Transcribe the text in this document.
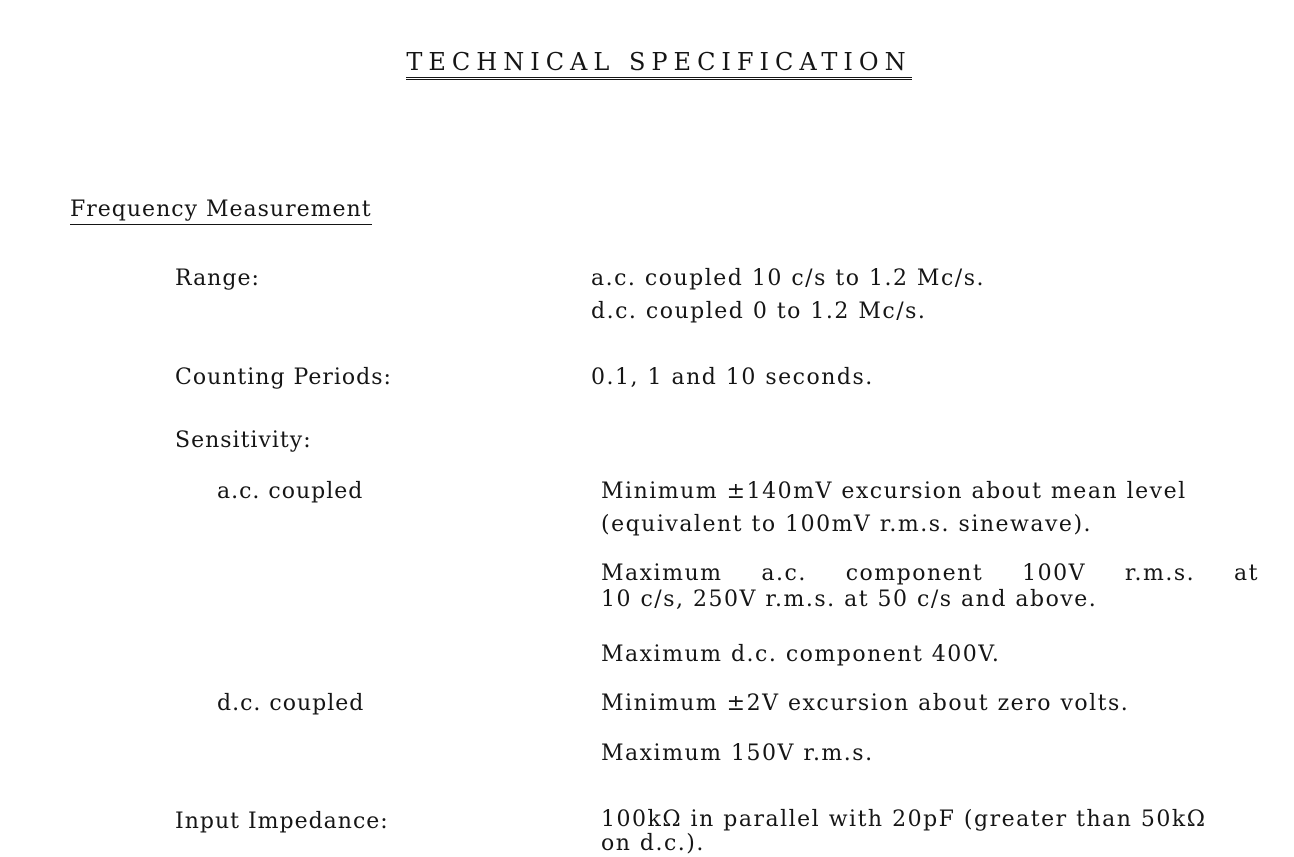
TECHNICAL SPECIFICATION
Frequency Measurement
Range:	a.c. coupled 10 c/s to 1.2 Mc/s.
d.c. coupled 0 to 1.2 Mc/s.
Counting Periods:	0.1, 1 and 10 seconds.
Sensitivity:
a.c. coupled	Minimum ±140mV excursion about mean level
(equivalent to 100mV r.m.s. sinewave).
Maximum a.c. component 100V r.m.s. at
10 c/s, 250V r.m.s. at 50 c/s and above.
Maximum d.c. component 400V.
d.c. coupled	Minimum ±2V excursion about zero volts.
Maximum 150V r.m.s.
Input Impedance:	100kΩ in parallel with 20pF (greater than 50kΩ
on d.c.).
